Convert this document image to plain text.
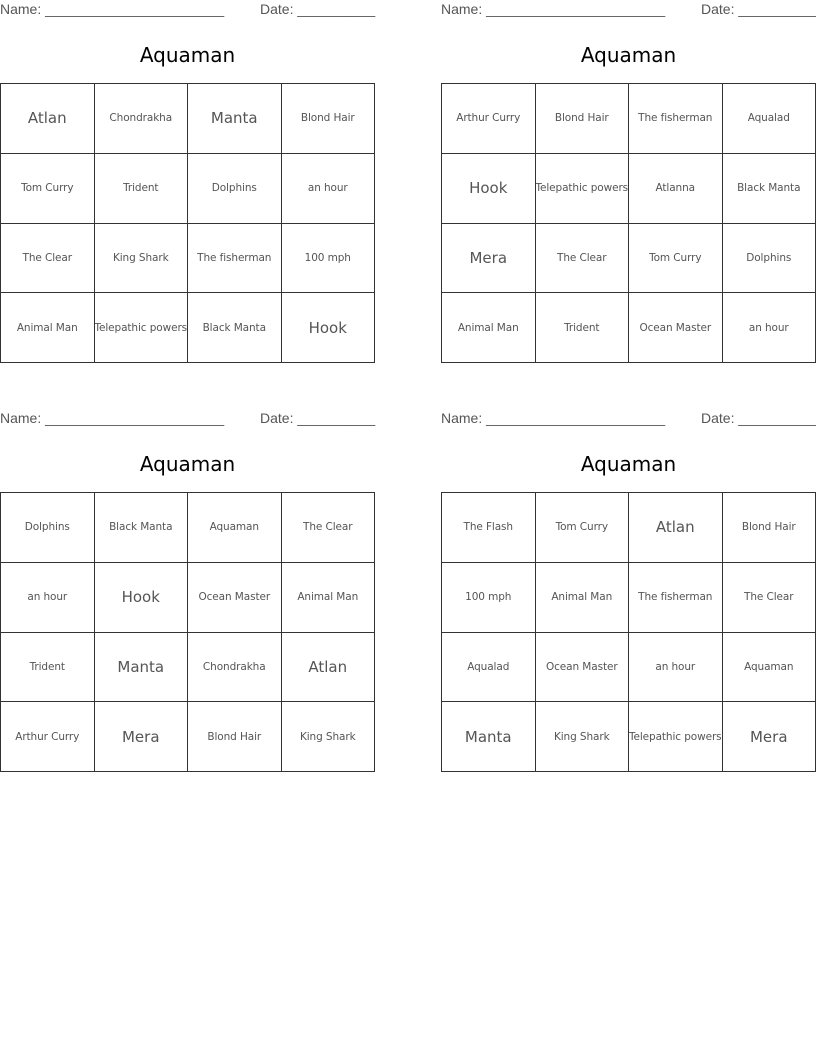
Name: _______________________	Date: __________
Aquaman
Atlan	Chondrakha	Manta	Blond Hair
Tom Curry	Trident	Dolphins	an hour
The Clear	King Shark	The fisherman	100 mph
Animal Man	Telepathic powers	Black Manta	Hook
Name: _______________________	Date: __________
Aquaman
Arthur Curry	Blond Hair	The fisherman	Aqualad
Hook	Telepathic powers	Atlanna	Black Manta
Mera	The Clear	Tom Curry	Dolphins
Animal Man	Trident	Ocean Master	an hour
Name: _______________________	Date: __________
Aquaman
Dolphins	Black Manta	Aquaman	The Clear
an hour	Hook	Ocean Master	Animal Man
Trident	Manta	Chondrakha	Atlan
Arthur Curry	Mera	Blond Hair	King Shark
Name: _______________________	Date: __________
Aquaman
The Flash	Tom Curry	Atlan	Blond Hair
100 mph	Animal Man	The fisherman	The Clear
Aqualad	Ocean Master	an hour	Aquaman
Manta	King Shark	Telepathic powers	Mera
